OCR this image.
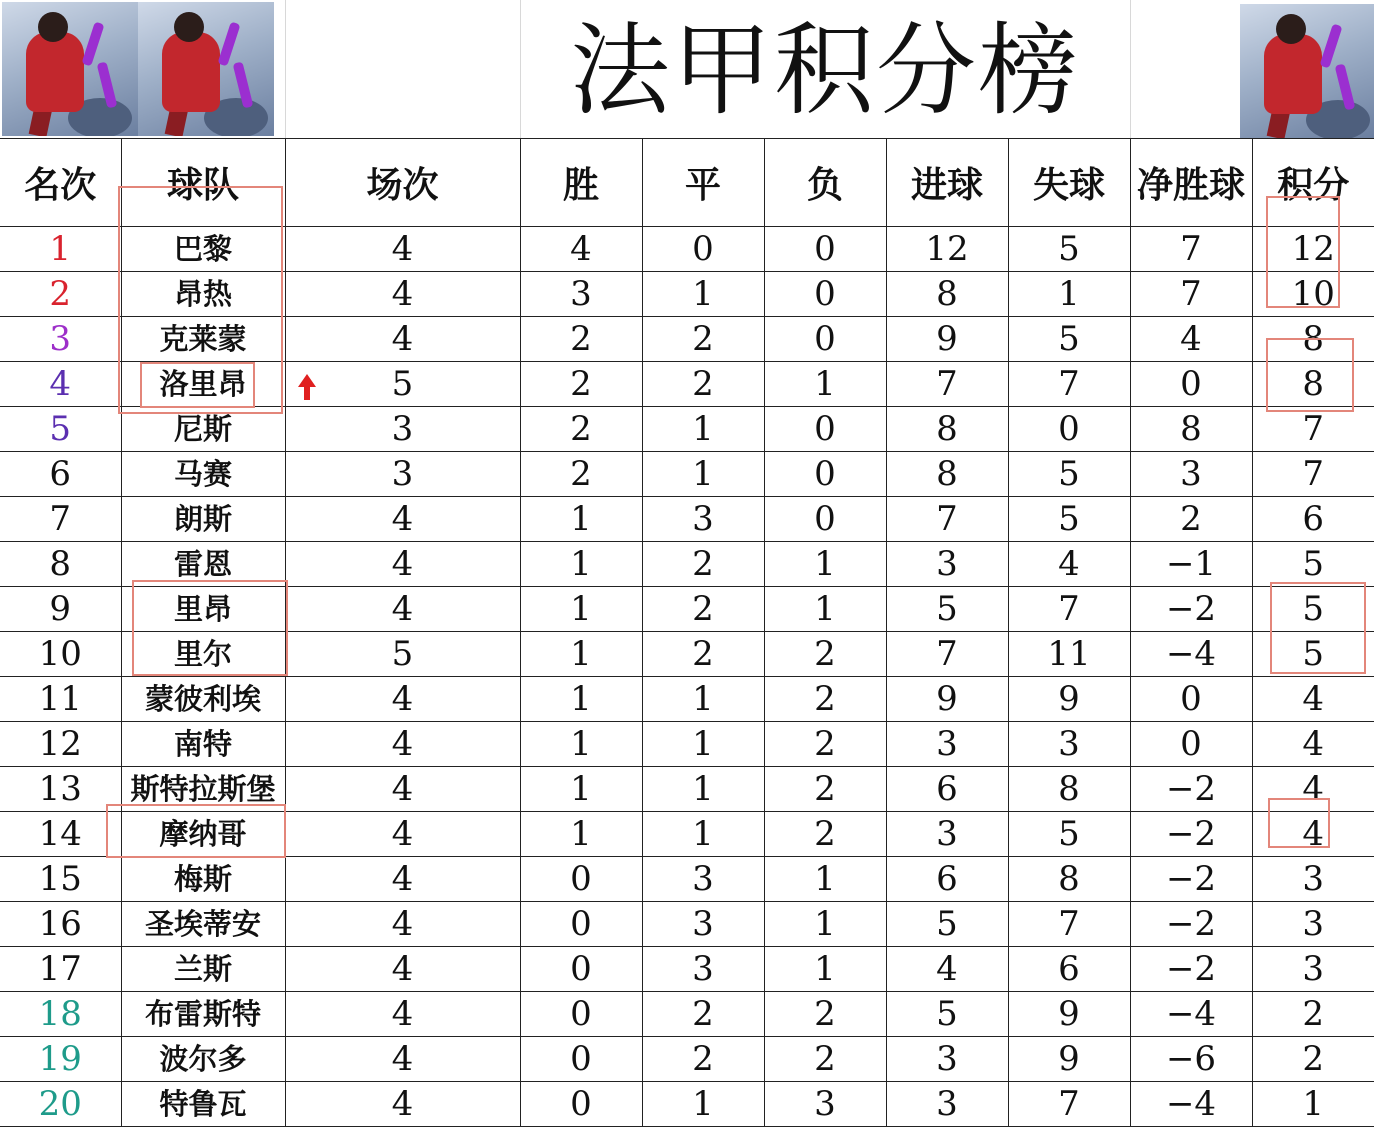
法甲积分榜
名次	球队	场次	胜	平	负	进球	失球	净胜球	积分
1	巴黎	4	4	0	0	12	5	7	12
2	昂热	4	3	1	0	8	1	7	10
3	克莱蒙	4	2	2	0	9	5	4	8
4	洛里昂	5	2	2	1	7	7	0	8
5	尼斯	3	2	1	0	8	0	8	7
6	马赛	3	2	1	0	8	5	3	7
7	朗斯	4	1	3	0	7	5	2	6
8	雷恩	4	1	2	1	3	4	−1	5
9	里昂	4	1	2	1	5	7	−2	5
10	里尔	5	1	2	2	7	11	−4	5
11	蒙彼利埃	4	1	1	2	9	9	0	4
12	南特	4	1	1	2	3	3	0	4
13	斯特拉斯堡	4	1	1	2	6	8	−2	4
14	摩纳哥	4	1	1	2	3	5	−2	4
15	梅斯	4	0	3	1	6	8	−2	3
16	圣埃蒂安	4	0	3	1	5	7	−2	3
17	兰斯	4	0	3	1	4	6	−2	3
18	布雷斯特	4	0	2	2	5	9	−4	2
19	波尔多	4	0	2	2	3	9	−6	2
20	特鲁瓦	4	0	1	3	3	7	−4	1
